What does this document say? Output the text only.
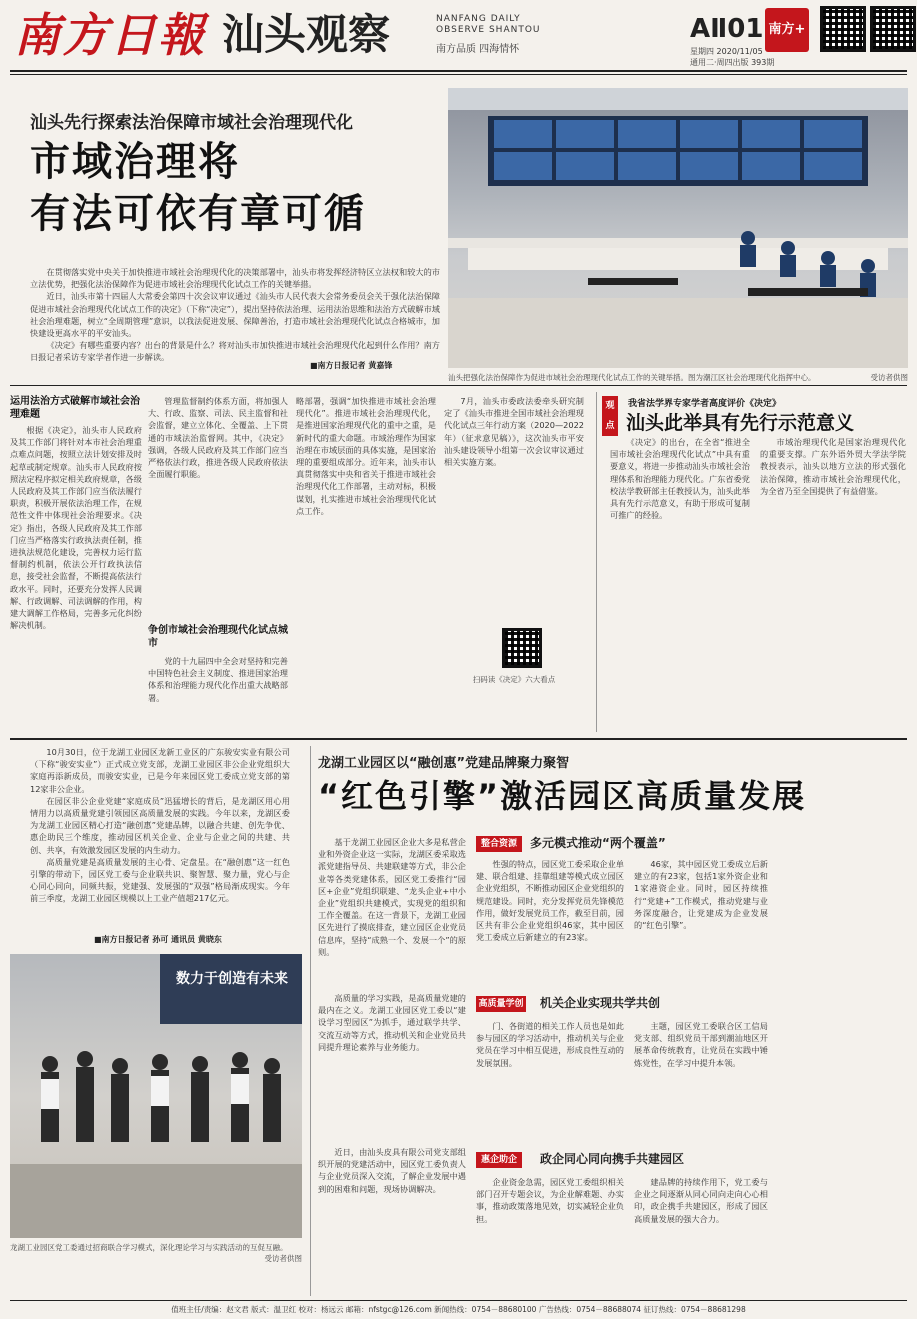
南方日報 汕头观察	NANFANG DAILY
OBSERVE SHANTOU
南方品质 四海情怀
AⅡ01
星期四 2020/11/05
通用二·周四出版 393期
南方+
汕头先行探索法治保障市域社会治理现代化
市域治理将
有法可依有章可循

在贯彻落实党中央关于加快推进市域社会治理现代化的决策部署中，汕头市将发挥经济特区立法权和较大的市立法优势，把强化法治保障作为促进市域社会治理现代化试点工作的关键举措。

近日，汕头市第十四届人大常委会第四十次会议审议通过《汕头市人民代表大会常务委员会关于强化法治保障促进市域社会治理现代化试点工作的决定》（下称“决定”），提出坚持依法治理、运用法治思维和法治方式破解市域社会治理难题，树立“全周期管理”意识，以我法促进发展、保障善治，打造市域社会治理现代化试点合格城市，加快建设更高水平的平安汕头。

《决定》有哪些重要内容？出台的背景是什么？将对汕头市加快推进市域社会治理现代化起到什么作用？南方日报记者采访专家学者作进一步解读。

■南方日报记者 黄嘉锋
汕头把强化法治保障作为促进市域社会治理现代化试点工作的关键举措。图为潮江区社会治理现代化指挥中心。	受访者供图
运用法治方式破解市域社会治理难题
根据《决定》，汕头市人民政府及其工作部门将针对本市社会治理重点难点问题，按照立法计划安排及时起草或制定规章。汕头市人民政府按照法定程序拟定相关政府规章，各级人民政府及其工作部门应当依法履行职责，积极开展依法治理工作，在规范性文件中体现社会治理要求。《决定》指出，各级人民政府及其工作部门应当严格落实行政执法责任制，推进执法规范化建设，完善权力运行监督制约机制，依法公开行政执法信息，接受社会监督，不断提高依法行政水平。同时，还要充分发挥人民调解、行政调解、司法调解的作用，构建大调解工作格局，完善多元化纠纷解决机制。
管理监督制约体系方面，将加强人大、行政、监察、司法、民主监督和社会监督，建立立体化、全覆盖、上下贯通的市域法治监督网。其中，《决定》强调，各级人民政府及其工作部门应当严格依法行政，推进各级人民政府依法全面履行职能。
争创市域社会治理现代化试点城市
党的十九届四中全会对坚持和完善中国特色社会主义制度、推进国家治理体系和治理能力现代化作出重大战略部署。
略部署，强调“加快推进市域社会治理现代化”。推进市域社会治理现代化，是推进国家治理现代化的重中之重，是新时代的重大命题。市域治理作为国家治理在市域层面的具体实施，是国家治理的重要组成部分。近年来，汕头市认真贯彻落实中央和省关于推进市域社会治理现代化工作部署，主动对标，积极谋划，扎实推进市域社会治理现代化试点工作。
7月，汕头市委政法委牵头研究制定了《汕头市推进全国市域社会治理现代化试点三年行动方案（2020—2022年）（征求意见稿）》，这次汕头市平安汕头建设领导小组第一次会议审议通过相关实施方案。
扫码读《决定》六大看点
观点
我省法学界专家学者高度评价《决定》
汕头此举具有先行示范意义
《决定》的出台，在全省“推进全国市域社会治理现代化试点”中具有重要意义，将进一步推动汕头市域社会治理体系和治理能力现代化。广东省委党校法学教研部主任教授认为，汕头此举具有先行示范意义，有助于形成可复制可推广的经验。
市域治理现代化是国家治理现代化的重要支撑。广东外语外贸大学法学院教授表示，汕头以地方立法的形式强化法治保障，推动市域社会治理现代化，为全省乃至全国提供了有益借鉴。

10月30日，位于龙湖工业园区龙新工业区的广东骏安实业有限公司（下称“骏安实业”）正式成立党支部，龙湖工业园区非公企业党组织大家庭再添新成员，而骏安实业，已是今年来园区党工委成立党支部的第12家非公企业。

在园区非公企业党建“家庭成员”迅猛增长的背后，是龙湖区用心用情用力以高质量党建引领园区高质量发展的实践。今年以来，龙湖区委为龙湖工业园区精心打造“融创惠”党建品牌，以融合共建、创先争优、惠企助民三个维度，推动园区机关企业、企业与企业之间的共建、共创、共享，有效激发园区发展的内生动力。

高质量党建是高质量发展的主心骨、定盘星。在“融创惠”这一红色引擎的带动下，园区党工委与企业联共识、聚智慧、聚力量，党心与企心同心同向，同频共振，党建强、发展强的“双强”格局渐成现实。今年前三季度，龙湖工业园区规模以上工业产值超217亿元。

■南方日报记者 孙可 通讯员 黄晓东
龙湖工业园区以“融创惠”党建品牌聚力聚智
“红色引擎”激活园区高质量发展
数力于创造有未来
龙湖工业园区党工委通过招商联合学习模式，深化理论学习与实践活动的互促互融。
受访者供图
整合资源	多元模式推动“两个覆盖”
基于龙湖工业园区企业大多是私营企业和外资企业这一实际，龙湖区委采取选派党建指导员、共建联建等方式，非公企业等各类党建体系，园区党工委推行“园区+企业”党组织联建、“龙头企业+中小企业”党组织共建模式，实现党的组织和工作全覆盖。在这一背景下，龙湖工业园区先进行了摸底排查，建立园区企业党员信息库，坚持“成熟一个、发展一个”的原则。
性强的特点，园区党工委采取企业单建、联合组建、挂靠组建等模式成立园区企业党组织，不断推动园区企业党组织的规范建设。同时，充分发挥党员先锋模范作用，做好发展党员工作，截至目前，园区共有非公企业党组织46家，其中园区党工委成立后新建立的有23家。
46家，其中园区党工委成立后新建立的有23家，包括1家外资企业和1家港资企业。同时，园区持续推行“党建+”工作模式，推动党建与业务深度融合，让党建成为企业发展的“红色引擎”。
高质量学创 机关企业实现共学共创
高质量的学习实践，是高质量党建的最内在之义。龙湖工业园区党工委以“建设学习型园区”为抓手，通过联学共学、交流互动等方式，推动机关和企业党员共同提升理论素养与业务能力。
门、各街道的相关工作人员也是如此参与园区的学习活动中，推动机关与企业党员在学习中相互促进，形成良性互动的发展氛围。
主题，园区党工委联合区工信局党支部、组织党员干部到潮汕地区开展革命传统教育，让党员在实践中锤炼党性，在学习中提升本领。
惠企助企	政企同心同向携手共建园区
近日，由汕头皮具有限公司党支部组织开展的党建活动中，园区党工委负责人与企业党员深入交流，了解企业发展中遇到的困难和问题，现场协调解决。
企业资金急需，园区党工委组织相关部门召开专题会议，为企业解难题、办实事，推动政策落地见效，切实减轻企业负担。
建品牌的持续作用下，党工委与企业之间逐渐从同心同向走向心心相印，政企携手共建园区，形成了园区高质量发展的强大合力。
值班主任/责编：赵文君 版式：温卫红 校对：杨远云 邮箱：nfstgc@126.com 新闻热线：0754－88680100 广告热线：0754－88688074 征订热线：0754－88681298
